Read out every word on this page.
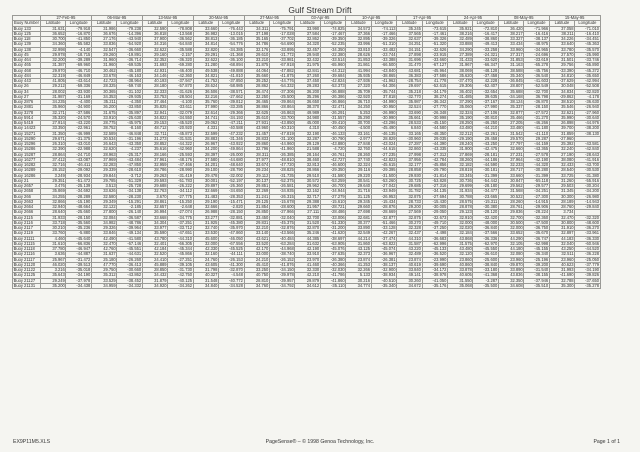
Gulf Stream Drift
	27-Feb-95		06-Mar-95		13-Mar-95		20-Mar-95		27-Mar-95		03-Apr-95		10-Apr-95		17-Apr-95		24-Apr-95		08-May-95		15-May-95	
Buoy Number	Latitude	Longitude	Latitude	Longitude	Latitude	Longitude	Latitude	Longitude	Latitude	Longitude	Latitude	Longitude	Latitude	Longitude	Latitude	Longitude	Latitude	Longitude	Latitude	Longitude	Latitude	Longitude
Buoy 133	31.631	-79.918	31.986	-79.238	32.590	-78.808	33.660	-76.443	34.311	-75.791	33.990	-74.825	34.573	-74.113	35.245	-73.615	35.921	-72.810	36.420	-71.966	37.058	-71.010
Buoy 125	36.652	-16.870	36.676	-14.396	36.818	-13.568	36.982	-13.015	37.198	-17.028	37.584	-17.467	37.366	-17.466	37.565	-17.461	38.216	-16.417	38.217	-16.416	38.211	-16.410
Buoy 118	30.700	-41.850	27.176	-43.940	37.900	-36.562	38.813	-36.185	35.165	-37.702	32.862	-39.350	32.895	-39.326	32.637	-39.326	32.489	-38.860	33.327	-38.137	34.226	-34.451
Buoy 139	34.360	-55.582	33.836	-54.920	34.316	-54.840	34.814	-54.776	34.786	-54.690	34.320	-52.235	33.996	-51.310	34.251	-51.320	33.888	-49.413	33.434	-48.975	33.640	-45.363
Buoy 138	32.998	-4.140	32.547	-36.660	32.622	-35.588	32.820	-34.385	32.176	-33.895	32.457	-34.350	33.810	-33.482	34.151	-32.626	34.290	-33.258	33.960	-34.965	33.780	-35.570
Buoy 45	29.978	-18.715	29.260	-19.891	29.160	-2.157	29.291	-21.368	29.610	-21.772	29.940	-22.380	28.626	-23.744	27.898	-23.915	27.389	-24.321	27.317	-24.696	27.570	-25.990
Buoy 464	32.200	-39.289	31.960	-36.714	32.352	-36.320	32.622	-36.100	33.210	-33.981	32.432	-33.514	31.853	-33.388	31.696	-33.660	31.433	-33.620	31.853	-33.619	31.501	-33.746
Buoy 465	31.387	-69.960	31.960	-69.535	31.693	-69.280	31.280	-68.894	31.875	-67.918	31.975	-65.960	31.861	-66.500	31.470	-67.127	31.967	-66.347	31.163	-65.278	29.756	-65.890
Buoy 468	29.970	-46.710	30.462	-45.180	42.931	-46.400	49.538	-49.888	44.064	-47.882	42.841	-44.312	41.994	-43.840	43.681	-45.964	38.069	-48.128	38.588	-45.756	-33.390	-45.372
Buoy 484	32.319	-46.849	33.678	-46.163	34.146	-42.360	34.821	-41.810	35.660	-41.875	37.260	-39.684	35.935	-38.865	36.383	-37.586	35.620	-37.458	35.340	-36.540	34.810	-35.650
Buoy 443	41.805	-43.614	42.723	-38.964	40.193	-37.947	41.752	-37.850	39.252	-44.776	37.450	-42.824	-27.936	-41.962	-28.754	41.778	-37.470	42.228	-36.845	-41.603	-37.629	-42.994
Buoy 26	29.212	-59.336	28.325	-59.740	28.180	-57.870	28.624	-58.985	28.862	-54.332	29.283	-53.373	27.320	-54.306	29.697	-52.615	29.306	-52.407	28.807	-52.549	30.048	-52.508
Buoy 34	28.002	-33.930	30.365	-31.102	32.333	-31.626	36.506	-38.571	36.474	-37.306	36.200	-36.888	35.709	-35.744	35.218	-34.179	36.402	-32.654	35.688	-32.700	34.834	-32.820
Buoy 27	31.987	-31.169	34.353	-29.935	33.753	-28.504	32.216	-27.662	32.250	-25.500	35.296	-26.386	-32.920	37.818	-32.770	38.274	-31.485	39.635	-34.168	36.798	-29.862	-4.178
Buoy 2876	34.235	-4.400	35.211	-4.350	37.464	-4.100	35.760	-39.812	36.465	-39.864	36.650	-36.866	36.710	-34.990	35.987	-36.342	37.290	-37.167	38.124	-36.870	38.510	-36.630
Buoy 2881	35.960	-34.900	36.200	-33.850	35.825	-33.611	37.990	-33.285	38.866	-28.864	38.370	-32.471	34.250	-30.950	32.524	-27.770	35.060	-27.990	35.337	-28.150	35.546	-26.940
Buoy 3278	32.171	-37.586	31.675	-35.897	32.941	-32.079	32.614	-29.366	32.625	-26.863	49.989	-26.291	5.253	-26.990	33.690	-26.348	32.324	-27.106	32.877	-27.572	32.621	-27.960
Buoy 5914	35.320	-24.570	33.910	-25.630	34.822	-34.550	34.741	-34.193	35.610	-33.700	34.980	-31.557	35.290	-30.990	35.661	-30.998	35.190	-30.810	35.466	-31.270	35.990	-30.640
Buoy 5419	27.914	-43.220	28.775	-45.975	29.153	-45.520	29.062	-47.211	27.931	-43.850	45.000	-39.410	30.700	-43.296	28.533	-45.150	28.250	-46.250	27.205	-46.266	26.898	-44.976
Buoy 14423	33.350	-22.961	38.752	-8.160	48.712	-20.920	4.331	-40.588	43.960	-40.310	4.310	-40.450	-4.500	-45.490	6.840	-44.580	43.480	-44.210	33.480	-41.180	39.700	-38.200
Buoy 15271	31.350	-46.999	32.589	-46.848	32.711	-45.873	32.599	-47.232	31.457	-47.819	32.190	-46.133	33.161	-46.135	33.165	-48.350	32.212	-42.261	31.542	-41.110	31.859	-38.130
Buoy 15290	29.671	-31.375	30.534	-31.196	31.273	-31.531	28.883	-31.346	28.833	-31.100	32.287	-30.790	-2.977	28.829	-30.960	29.035	-29.190	29.458	29.570	29.287	-27.960	
Buoy 15296	26.310	-43.010	26.643	-43.350	28.852	-44.322	26.967	-43.922	29.860	-44.960	29.129	-43.880	27.848	-43.024	27.287	-44.390	28.240	-43.250	27.797	-44.159	25.392	-43.581
Buoy 15286	32.390	-22.988	32.620	-4.237	35.616	-42.960	34.200	-49.864	32.796	-41.960	21.588	-4.720	32.760	-44.615	32.860	-43.335	31.900	-42.475	32.660	-43.365	32.240	-42.840
Buoy 15287	28.864	-24.710	28.963	-25.317	28.166	-25.593	28.397	-26.000	28.311	-26.385	28.164	-26.761	28.260	-27.235	27.998	-27.312	27.869	-28.181	27.231	-27.578	27.190	-28.643
Buoy 16277	37.412	-43.087	37.969	-43.484	37.961	-48.176	37.580	-44.680	37.977	-48.810	38.460	-42.727	37.740	-42.823	37.956	-42.784	38.260	-44.186	37.964	-42.190	38.080	-41.916
Buoy 16282	32.716	-46.411	32.283	-47.850	32.959	-47.466	34.201	-48.640	33.674	-47.720	32.813	-46.600	32.324	-45.615	32.177	-45.856	32.182	-44.590	32.233	-44.320	32.433	-43.700
Buoy 16289	28.152	-29.092	29.339	-28.610	28.786	-28.990	29.100	-28.790	29.234	-28.825	28.866	-29.350	29.116	-29.395	28.858	-29.790	28.819	-30.181	28.717	-30.280	28.540	-30.530
Buoy 16286	3.249	-28.934	29.844	-3.712	29.263	-31.419	29.478	-32.002	29.112	-31.735	29.510	-31.580	29.220	-31.500	29.930	-31.814	33.345	-31.399	33.660	-31.399	33.725	-31.380
Buoy 21	29.351	-51.472	29.785	-51.329	29.593	-51.783	30.001	-52.197	30.137	-52.375	30.572	-53.259	30.541	-53.260	30.725	-53.828	30.736	-54.442	30.847	-55.118	31.260	-55.916
Buoy 2657	3.476	-25.139	3.513	-25.728	29.688	-26.222	29.897	-26.360	29.851	-26.581	29.962	-26.700	29.640	-27.042	29.685	-27.316	29.699	-28.180	29.562	-29.577	29.503	-30.204
Buoy 2658	35.869	-34.692	33.626	-34.138	32.763	-34.112	32.669	-34.650	32.269	-34.935	32.162	-34.944	31.716	-33.949	31.782	-34.135	31.934	-34.477	31.568	-34.251	31.345	-34.200
Buoy 266	34.255	-28.289	32.580	-28.230	3.670	-27.775	31.483	-28.353	31.241	-26.315	32.717	-27.279	31.125	-26.953	32.875	-27.694	30.788	-23.665	30.522	-27.300	30.300	-26.980
Buoy 2663	32.866	-15.190	29.349	-15.291	28.861	-15.250	29.190	-15.471	29.125	-15.678	29.388	-15.610	29.345	-15.434	28.733	-15.430	28.575	-15.311	28.260	-14.915	28.189	-14.943
Buoy 2664	32.940	-48.664	32.122	-2.185	32.657	-2.648	32.666	-2.820	31.854	-28.600	31.957	-28.721	29.660	-28.876	29.200	-30.005	28.878	-30.380	28.761	-29.906	28.760	-29.840
Buoy 2666	28.640	-25.660	27.800	-26.140	26.994	-27.074	26.988	-28.150	26.850	-27.966	27.111	-28.486	27.698	-28.669	27.569	-29.050	29.123	-28.120	29.836	-28.224	3.734	
Buoy 2115	31.933	-28.150	32.084	-36.587	33.668	-34.775	33.277	-32.881	33.450	-32.040	32.700	-33.006	32.681	-32.877	32.875	-32.673	32.910	-32.420	32.700	-32.360	32.470	-32.320
Buoy 2116	33.718	-35.560	34.982	-48.786	34.304	-37.251	31.925	-45.380	29.831	-45.375	31.520	-51.330	30.377	-51.466	30.270	-49.710	32.000	-48.000	30.500	-47.500	30.800	-48.600
Buoy 2117	30.210	-35.236	29.326	-39.964	33.977	-33.712	32.740	-35.970	32.210	-32.876	32.870	-31.200	33.890	-33.128	32.328	-37.250	32.020	-36.840	32.000	-36.750	31.910	-36.270
Buoy 2119	33.760	-5.880	33.846	-49.134	35.590	-47.651	33.530	-47.860	33.140	-43.566	35.246	-41.620	32.549	-42.267	32.437	-4.498	32.184	-37.566	33.652	-35.670	32.897	-33.961
Buoy 21111	4.460	-45.640	42.490	-41.580	43.780	-44.310	45.600	-46.050	43.621	-40.484	44.385	-38.697	44.214	-37.474	44.310	-36.683	43.868	-36.336	44.290	-36.747	44.183	-36.330
Buoy 21115	31.610	-66.836	32.470	-67.146	32.401	-66.305	32.000	-67.556	33.520	-63.284	31.632	-63.905	31.860	-63.822	31.587	-62.996	31.575	-62.970	32.105	-62.998	32.040	-60.946
Buoy 21118	37.780	-46.947	42.760	-45.551	42.184	-45.344	42.330	-45.525	42.170	-44.968	42.190	-45.076	43.125	-45.074	43.220	-45.133	43.480	-45.550	44.180	-45.155	43.250	-44.520
Buoy 21116	3.636	-44.887	31.637	-44.631	32.520	-45.866	32.160	-44.111	33.000	-38.740	33.910	-37.635	32.373	-36.967	32.489	-36.520	32.120	-36.610	32.080	-36.340	32.511	-36.228
Buoy 21117	25.967	-31.472	25.180	-26.260	24.410	-27.251	24.760	-26.153	24.210	-26.152	23.970	-26.380	23.874	-26.381	23.874	-23.990	23.860	-25.600	23.960	-25.196	23.960	-25.050
Buoy 21120	46.020	-39.513	47.770	-36.413	45.889	-39.105	43.605	-41.300	45.410	-41.876	41.460	-40.366	41.253	-38.137	40.619	-39.690	40.860	-38.840	-39.870	-39.200	40.623	-37.779
Buoy 21122	3.216	-35.018	29.750	-30.660	28.850	-31.730	31.798	-32.870	33.250	-34.150	32.330	-32.030	32.266	-32.900	33.840	-34.172	33.878	-33.180	33.890	-31.540	31.993	-34.190
Buoy 21125	35.643	-34.190	35.312	-43.862	34.432	-42.750	40.327	-4.548	40.750	-39.978	42.210	-41.786	5.133	-38.934	49.141	-38.978	40.605	-41.368	43.836	-38.155	-41.690	-39.826
Buoy 21127	29.249	-37.978	33.529	-38.452	31.879	-40.125	31.548	-40.772	28.810	-39.957	29.879	-41.860	30.216	-40.510	30.260	-41.050	31.550	-3.287	32.350	-37.946	32.788	-37.650
Buoy 21131	35.200	-34.438	34.959	-34.332	34.920	-34.262	34.840	-34.528	34.760	-34.792	34.612	-35.110	34.774	-35.340	34.672	-35.176	35.068	-35.500	34.608	-35.510	35.300	-35.278
EX9P11M5.XLS	PageSense® – © 1998 Genoa Technology, Inc.	Page 1 of 1
